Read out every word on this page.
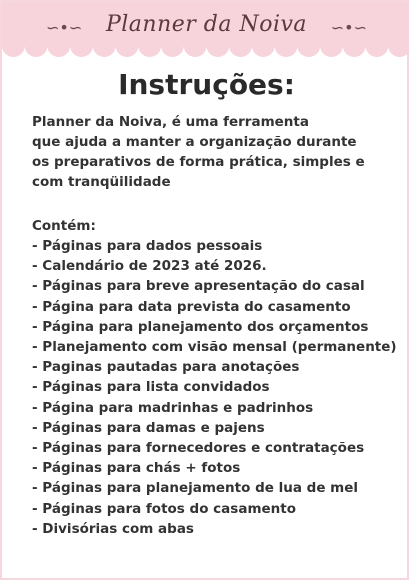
∽•∽	Planner da Noiva	∽•∽
Instruções:
Planner da Noiva, é uma ferramenta
que ajuda a manter a organização durante
os preparativos de forma prática, simples e
com tranqüilidade
Contém:
- Páginas para dados pessoais
- Calendário de 2023 até 2026.
- Páginas para breve apresentação do casal
- Página para data prevista do casamento
- Página para planejamento dos orçamentos
- Planejamento com visão mensal (permanente)
- Paginas pautadas para anotações
- Páginas para lista convidados
- Página para madrinhas e padrinhos
- Páginas para damas e pajens
- Páginas para fornecedores e contratações
- Páginas para chás + fotos
- Páginas para planejamento de lua de mel
- Páginas para fotos do casamento
- Divisórias com abas
